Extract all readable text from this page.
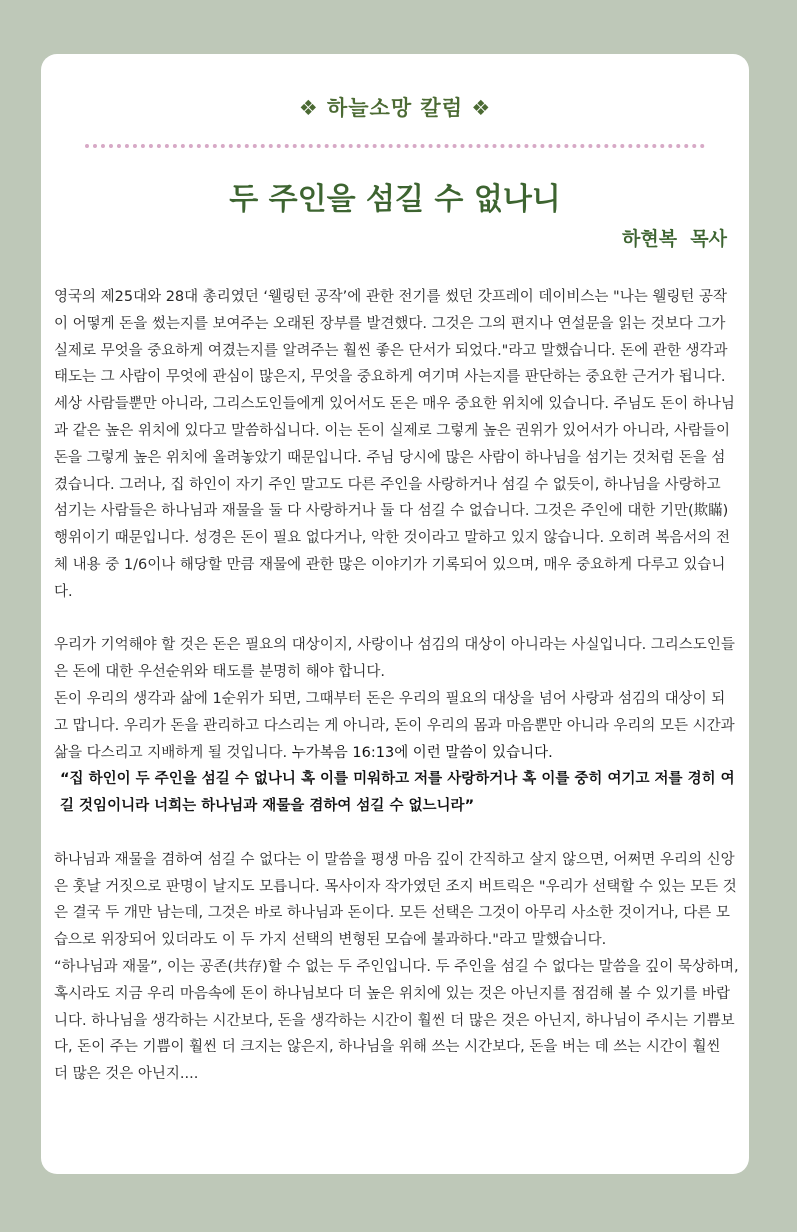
❖ 하늘소망 칼럼 ❖
두 주인을 섬길 수 없나니
하현복  목사

영국의 제25대와 28대 총리였던 ‘웰링턴 공작’에 관한 전기를 썼던 갓프레이 데이비스는 "나는 웰링턴 공작이 어떻게 돈을 썼는지를 보여주는 오래된 장부를 발견했다. 그것은 그의 편지나 연설문을 읽는 것보다 그가 실제로 무엇을 중요하게 여겼는지를 알려주는 훨씬 좋은 단서가 되었다."라고 말했습니다. 돈에 관한 생각과 태도는 그 사람이 무엇에 관심이 많은지, 무엇을 중요하게 여기며 사는지를 판단하는 중요한 근거가 됩니다. 세상 사람들뿐만 아니라, 그리스도인들에게 있어서도 돈은 매우 중요한 위치에 있습니다. 주님도 돈이 하나님과 같은 높은 위치에 있다고 말씀하십니다. 이는 돈이 실제로 그렇게 높은 권위가 있어서가 아니라, 사람들이 돈을 그렇게 높은 위치에 올려놓았기 때문입니다. 주님 당시에 많은 사람이 하나님을 섬기는 것처럼 돈을 섬겼습니다. 그러나, 집 하인이 자기 주인 말고도 다른 주인을 사랑하거나 섬길 수 없듯이, 하나님을 사랑하고 섬기는 사람들은 하나님과 재물을 둘 다 사랑하거나 둘 다 섬길 수 없습니다. 그것은 주인에 대한 기만(欺瞞)행위이기 때문입니다. 성경은 돈이 필요 없다거나, 악한 것이라고 말하고 있지 않습니다. 오히려 복음서의 전체 내용 중 1/6이나 해당할 만큼 재물에 관한 많은 이야기가 기록되어 있으며, 매우 중요하게 다루고 있습니다.

우리가 기억해야 할 것은 돈은 필요의 대상이지, 사랑이나 섬김의 대상이 아니라는 사실입니다. 그리스도인들은 돈에 대한 우선순위와 태도를 분명히 해야 합니다.

돈이 우리의 생각과 삶에 1순위가 되면, 그때부터 돈은 우리의 필요의 대상을 넘어 사랑과 섬김의 대상이 되고 맙니다. 우리가 돈을 관리하고 다스리는 게 아니라, 돈이 우리의 몸과 마음뿐만 아니라 우리의 모든 시간과 삶을 다스리고 지배하게 될 것입니다. 누가복음 16:13에 이런 말씀이 있습니다.

“집 하인이 두 주인을 섬길 수 없나니 혹 이를 미워하고 저를 사랑하거나 혹 이를 중히 여기고 저를 경히 여길 것임이니라 너희는 하나님과 재물을 겸하여 섬길 수 없느니라”

하나님과 재물을 겸하여 섬길 수 없다는 이 말씀을 평생 마음 깊이 간직하고 살지 않으면, 어쩌면 우리의 신앙은 훗날 거짓으로 판명이 날지도 모릅니다. 목사이자 작가였던 조지 버트릭은 "우리가 선택할 수 있는 모든 것은 결국 두 개만 남는데, 그것은 바로 하나님과 돈이다. 모든 선택은 그것이 아무리 사소한 것이거나, 다른 모습으로 위장되어 있더라도 이 두 가지 선택의 변형된 모습에 불과하다."라고 말했습니다.

“하나님과 재물”, 이는 공존(共存)할 수 없는 두 주인입니다. 두 주인을 섬길 수 없다는 말씀을 깊이 묵상하며, 혹시라도 지금 우리 마음속에 돈이 하나님보다 더 높은 위치에 있는 것은 아닌지를 점검해 볼 수 있기를 바랍니다. 하나님을 생각하는 시간보다, 돈을 생각하는 시간이 훨씬 더 많은 것은 아닌지, 하나님이 주시는 기쁨보다, 돈이 주는 기쁨이 훨씬 더 크지는 않은지, 하나님을 위해 쓰는 시간보다, 돈을 버는 데 쓰는 시간이 훨씬 더 많은 것은 아닌지....
